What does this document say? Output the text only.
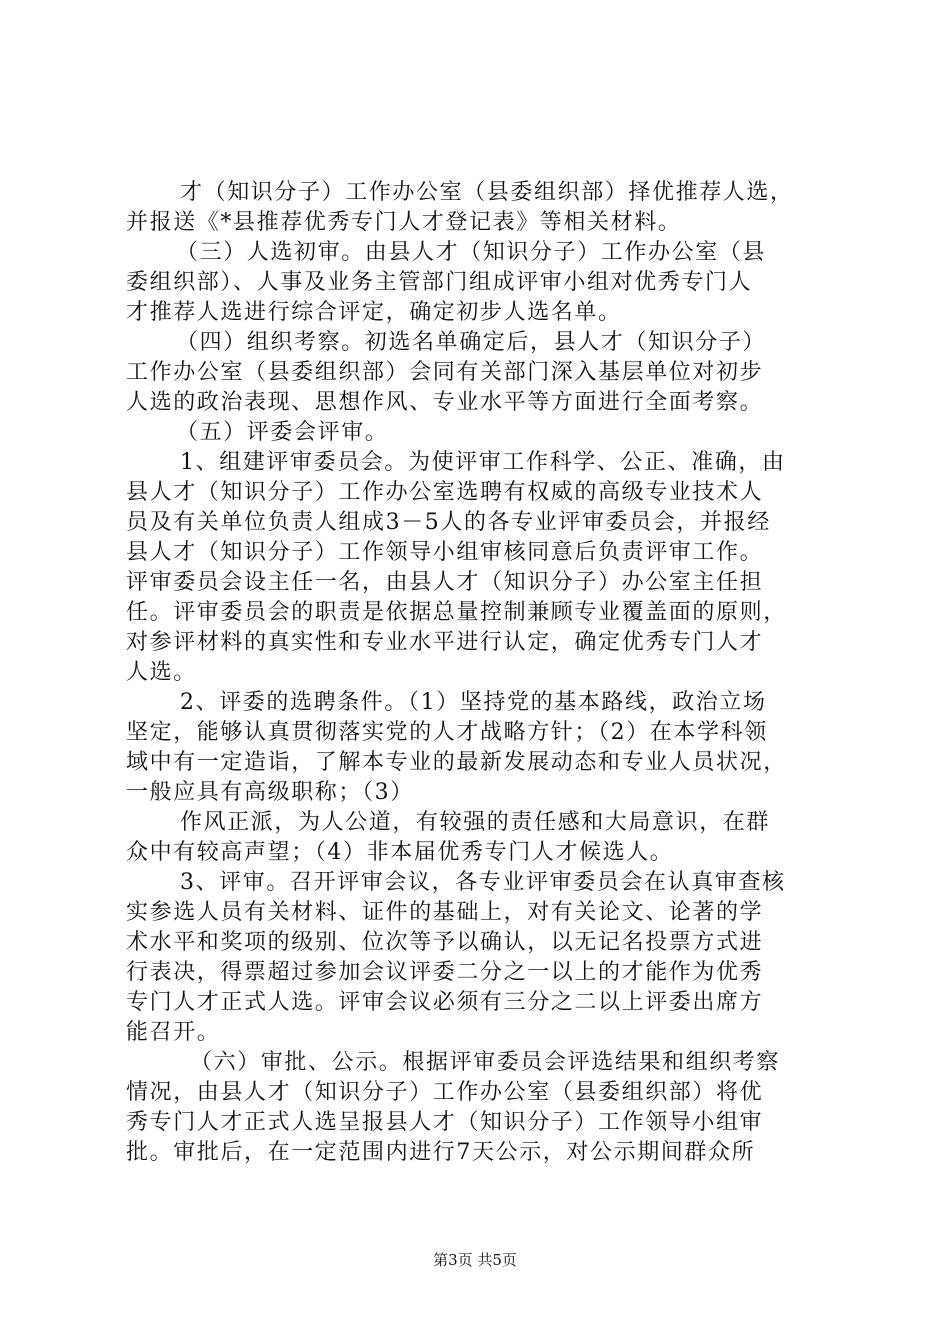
才（知识分子）工作办公室（县委组织部）择优推荐人选，
并报送《*县推荐优秀专门人才登记表》等相关材料。
（三）人选初审。由县人才（知识分子）工作办公室（县
委组织部）、人事及业务主管部门组成评审小组对优秀专门人
才推荐人选进行综合评定，确定初步人选名单。
（四）组织考察。初选名单确定后，县人才（知识分子）
工作办公室（县委组织部）会同有关部门深入基层单位对初步
人选的政治表现、思想作风、专业水平等方面进行全面考察。
（五）评委会评审。
1、组建评审委员会。为使评审工作科学、公正、准确，由
县人才（知识分子）工作办公室选聘有权威的高级专业技术人
员及有关单位负责人组成3－5人的各专业评审委员会，并报经
县人才（知识分子）工作领导小组审核同意后负责评审工作。
评审委员会设主任一名，由县人才（知识分子）办公室主任担
任。评审委员会的职责是依据总量控制兼顾专业覆盖面的原则，
对参评材料的真实性和专业水平进行认定，确定优秀专门人才
人选。
2、评委的选聘条件。（1）坚持党的基本路线，政治立场
坚定，能够认真贯彻落实党的人才战略方针；（2）在本学科领
域中有一定造诣，了解本专业的最新发展动态和专业人员状况，
一般应具有高级职称；（3）
作风正派，为人公道，有较强的责任感和大局意识，在群
众中有较高声望；（4）非本届优秀专门人才候选人。
3、评审。召开评审会议，各专业评审委员会在认真审查核
实参选人员有关材料、证件的基础上，对有关论文、论著的学
术水平和奖项的级别、位次等予以确认，以无记名投票方式进
行表决，得票超过参加会议评委二分之一以上的才能作为优秀
专门人才正式人选。评审会议必须有三分之二以上评委出席方
能召开。
（六）审批、公示。根据评审委员会评选结果和组织考察
情况，由县人才（知识分子）工作办公室（县委组织部）将优
秀专门人才正式人选呈报县人才（知识分子）工作领导小组审
批。审批后，在一定范围内进行7天公示，对公示期间群众所
第3页 共5页
